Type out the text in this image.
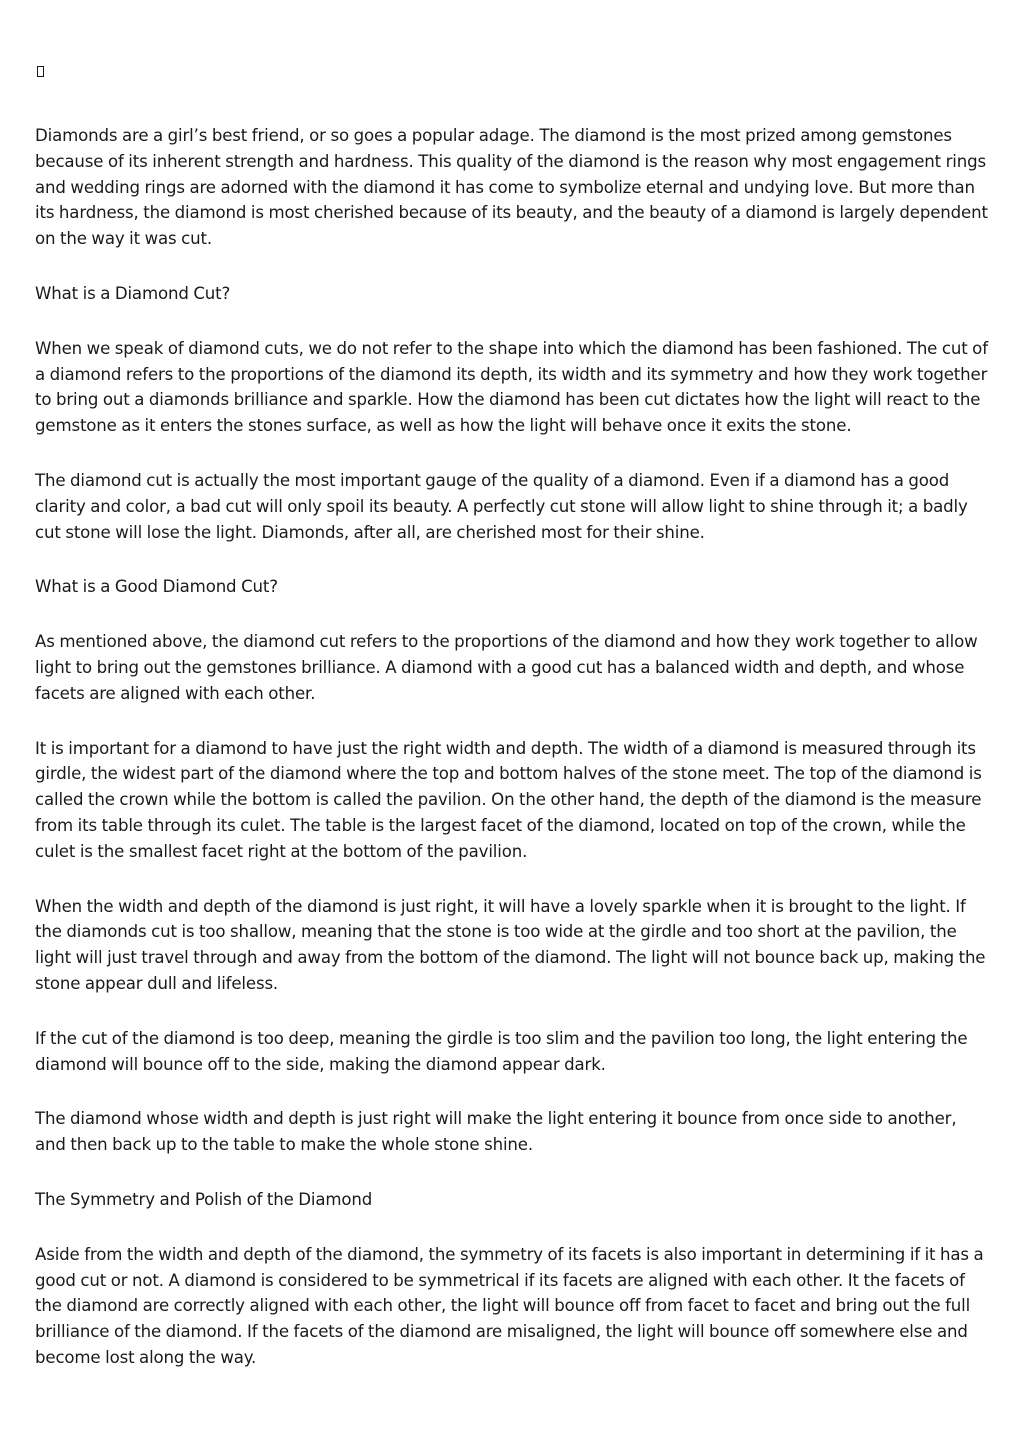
Diamonds are a girl’s best friend, or so goes a popular adage. The diamond is the most prized among gemstones because of its inherent strength and hardness. This quality of the diamond is the reason why most engagement rings and wedding rings are adorned with the diamond it has come to symbolize eternal and undying love. But more than its hardness, the diamond is most cherished because of its beauty, and the beauty of a diamond is largely dependent on the way it was cut.

What is a Diamond Cut?

When we speak of diamond cuts, we do not refer to the shape into which the diamond has been fashioned. The cut of a diamond refers to the proportions of the diamond its depth, its width and its symmetry and how they work together to bring out a diamonds brilliance and sparkle. How the diamond has been cut dictates how the light will react to the gemstone as it enters the stones surface, as well as how the light will behave once it exits the stone.

The diamond cut is actually the most important gauge of the quality of a diamond. Even if a diamond has a good clarity and color, a bad cut will only spoil its beauty. A perfectly cut stone will allow light to shine through it; a badly cut stone will lose the light. Diamonds, after all, are cherished most for their shine.

What is a Good Diamond Cut?

As mentioned above, the diamond cut refers to the proportions of the diamond and how they work together to allow light to bring out the gemstones brilliance. A diamond with a good cut has a balanced width and depth, and whose facets are aligned with each other.

It is important for a diamond to have just the right width and depth. The width of a diamond is measured through its girdle, the widest part of the diamond where the top and bottom halves of the stone meet. The top of the diamond is called the crown while the bottom is called the pavilion. On the other hand, the depth of the diamond is the measure from its table through its culet. The table is the largest facet of the diamond, located on top of the crown, while the culet is the smallest facet right at the bottom of the pavilion.

When the width and depth of the diamond is just right, it will have a lovely sparkle when it is brought to the light. If the diamonds cut is too shallow, meaning that the stone is too wide at the girdle and too short at the pavilion, the light will just travel through and away from the bottom of the diamond. The light will not bounce back up, making the stone appear dull and lifeless.

If the cut of the diamond is too deep, meaning the girdle is too slim and the pavilion too long, the light entering the diamond will bounce off to the side, making the diamond appear dark.

The diamond whose width and depth is just right will make the light entering it bounce from once side to another, and then back up to the table to make the whole stone shine.

The Symmetry and Polish of the Diamond

Aside from the width and depth of the diamond, the symmetry of its facets is also important in determining if it has a good cut or not. A diamond is considered to be symmetrical if its facets are aligned with each other. It the facets of the diamond are correctly aligned with each other, the light will bounce off from facet to facet and bring out the full brilliance of the diamond. If the facets of the diamond are misaligned, the light will bounce off somewhere else and become lost along the way.
